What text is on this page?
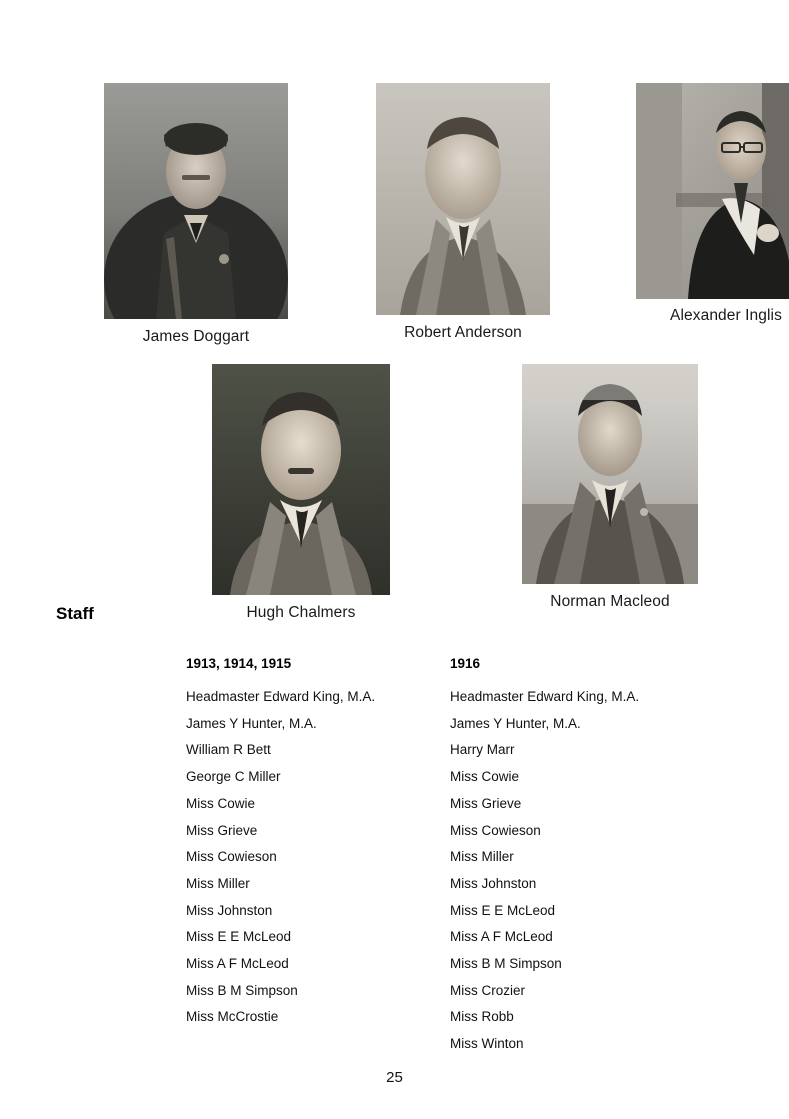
James Doggart	Robert Anderson
Alexander Inglis
Hugh Chalmers
Norman Macleod
Staff
1913, 1914, 1915
Headmaster Edward King, M.A.
James Y Hunter, M.A.
William R Bett
George C Miller
Miss Cowie
Miss Grieve
Miss Cowieson
Miss Miller
Miss Johnston
Miss E E McLeod
Miss A F McLeod
Miss B M Simpson
Miss McCrostie
1916
Headmaster Edward King, M.A.
James Y Hunter, M.A.
Harry Marr
Miss Cowie
Miss Grieve
Miss Cowieson
Miss Miller
Miss Johnston
Miss E E McLeod
Miss A F McLeod
Miss B M Simpson
Miss Crozier
Miss Robb
Miss Winton
25
